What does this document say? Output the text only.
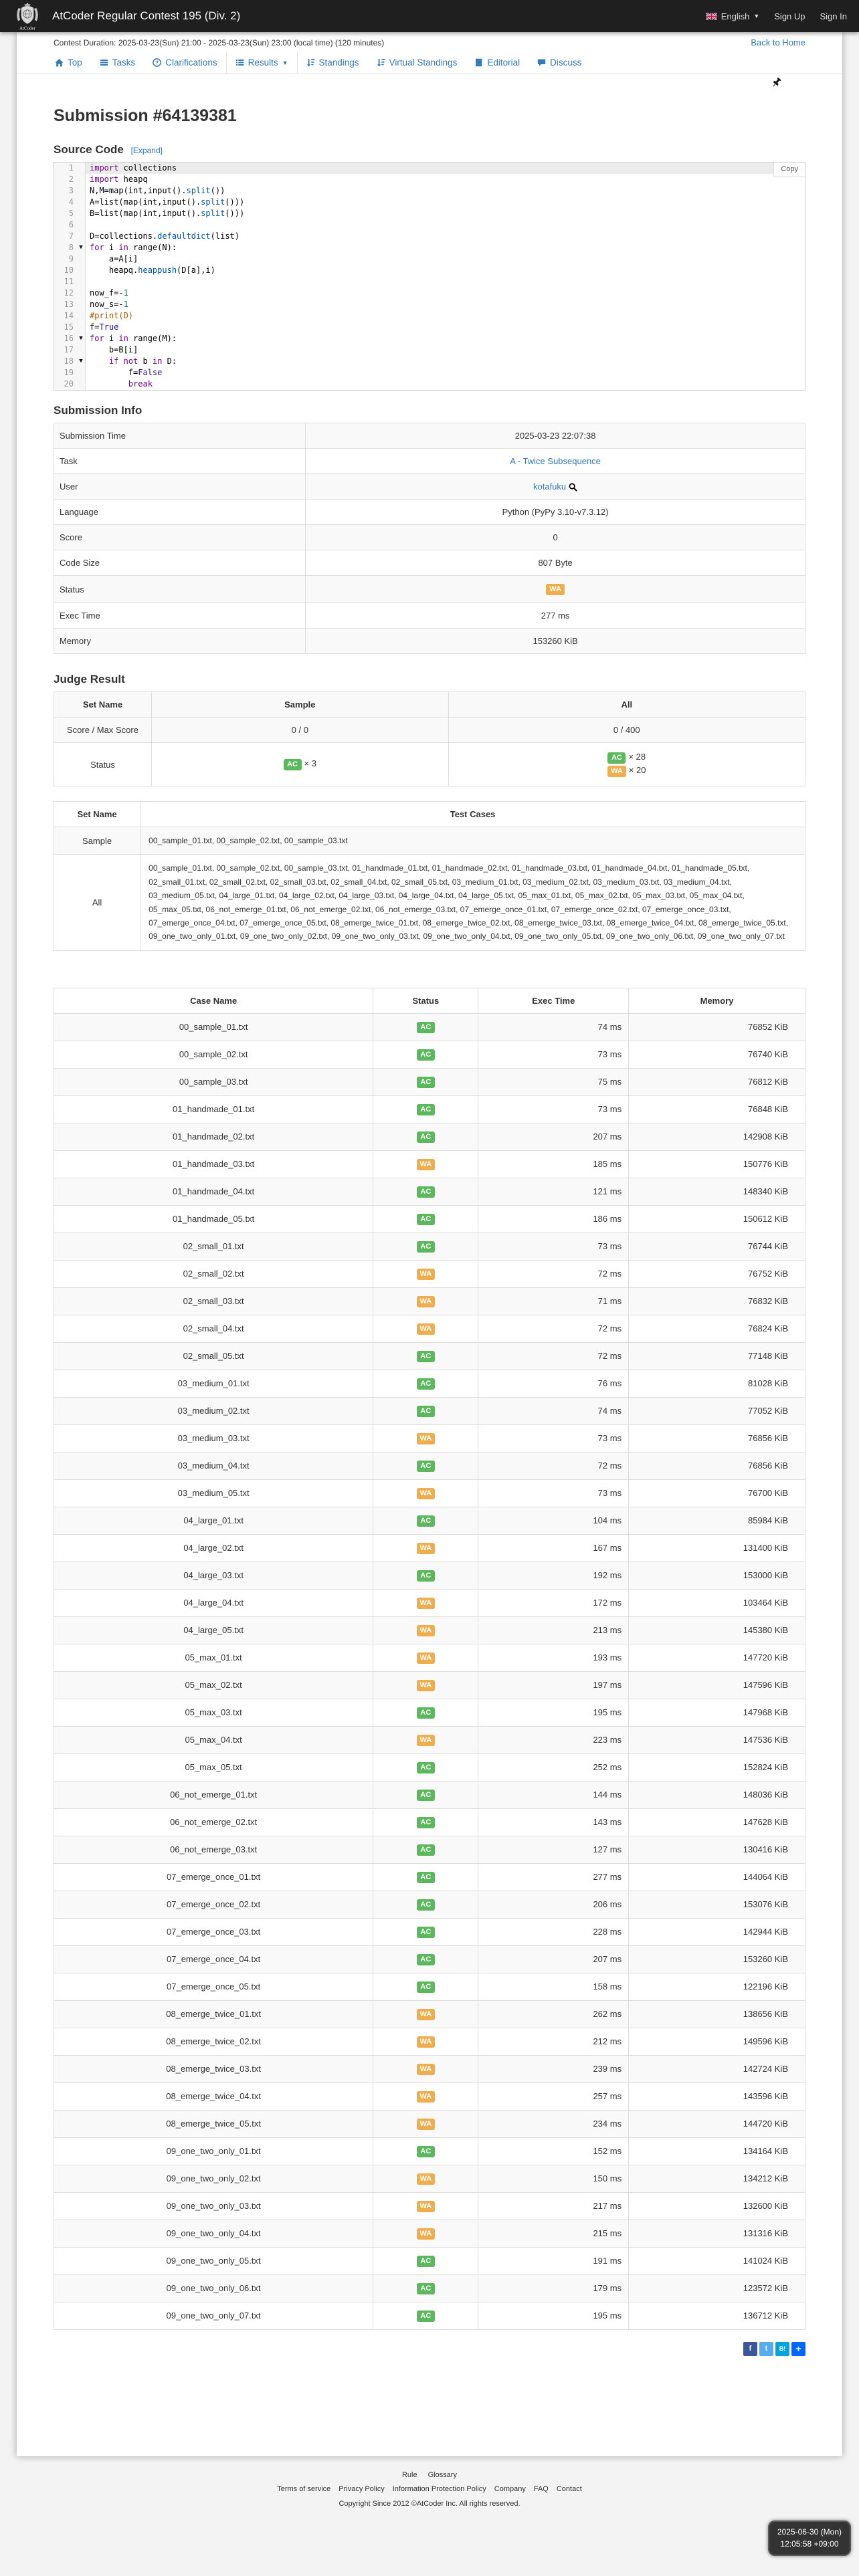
AtCoder
AtCoder Regular Contest 195 (Div. 2)	English ▼ Sign Up Sign In
Contest Duration: 2025-03-23(Sun) 21:00 - 2025-03-23(Sun) 23:00 (local time) (120 minutes)	Back to Home
Top	Tasks	? Clarifications	Results ▼	Standings	Virtual Standings	Editorial	Discuss
Submission #64139381
Source Code [Expand]
Copy
1	import collections
2	import heapq
3	N,M=map(int,input().split())
4	A=list(map(int,input().split()))
5	B=list(map(int,input().split()))
6

7	D=collections.defaultdict(list)
8 ▼ for i in range(N):
9	a=A[i]
10	heapq.heappush(D[a],i)
11

12	now_f=-1
13	now_s=-1
14	#print(D)
15	f=True
16 ▼ for i in range(M):
17	b=B[i]
18 ▼	if not b in D:
19	f=False
20	break
Submission Info
Submission Time	2025-03-23 22:07:38
Task	A - Twice Subsequence
User	kotafuku
Language	Python (PyPy 3.10-v7.3.12)
Score	0
Code Size	807 Byte
Status	WA
Exec Time	277 ms
Memory	153260 KiB
Judge Result
Set Name	Sample	All
Score / Max Score	0 / 0	0 / 400
Status	AC × 3	AC × 28
WA × 20
Set Name	Test Cases
Sample	00_sample_01.txt, 00_sample_02.txt, 00_sample_03.txt
All	00_sample_01.txt, 00_sample_02.txt, 00_sample_03.txt, 01_handmade_01.txt, 01_handmade_02.txt, 01_handmade_03.txt, 01_handmade_04.txt, 01_handmade_05.txt, 02_small_01.txt, 02_small_02.txt, 02_small_03.txt, 02_small_04.txt, 02_small_05.txt, 03_medium_01.txt, 03_medium_02.txt, 03_medium_03.txt, 03_medium_04.txt, 03_medium_05.txt, 04_large_01.txt, 04_large_02.txt, 04_large_03.txt, 04_large_04.txt, 04_large_05.txt, 05_max_01.txt, 05_max_02.txt, 05_max_03.txt, 05_max_04.txt, 05_max_05.txt, 06_not_emerge_01.txt, 06_not_emerge_02.txt, 06_not_emerge_03.txt, 07_emerge_once_01.txt, 07_emerge_once_02.txt, 07_emerge_once_03.txt, 07_emerge_once_04.txt, 07_emerge_once_05.txt, 08_emerge_twice_01.txt, 08_emerge_twice_02.txt, 08_emerge_twice_03.txt, 08_emerge_twice_04.txt, 08_emerge_twice_05.txt, 09_one_two_only_01.txt, 09_one_two_only_02.txt, 09_one_two_only_03.txt, 09_one_two_only_04.txt, 09_one_two_only_05.txt, 09_one_two_only_06.txt, 09_one_two_only_07.txt
Case Name	Status	Exec Time	Memory
00_sample_01.txt	AC	74 ms	76852 KiB
00_sample_02.txt	AC	73 ms	76740 KiB
00_sample_03.txt	AC	75 ms	76812 KiB
01_handmade_01.txt	AC	73 ms	76848 KiB
01_handmade_02.txt	AC	207 ms	142908 KiB
01_handmade_03.txt	WA	185 ms	150776 KiB
01_handmade_04.txt	AC	121 ms	148340 KiB
01_handmade_05.txt	AC	186 ms	150612 KiB
02_small_01.txt	AC	73 ms	76744 KiB
02_small_02.txt	WA	72 ms	76752 KiB
02_small_03.txt	WA	71 ms	76832 KiB
02_small_04.txt	WA	72 ms	76824 KiB
02_small_05.txt	AC	72 ms	77148 KiB
03_medium_01.txt	AC	76 ms	81028 KiB
03_medium_02.txt	AC	74 ms	77052 KiB
03_medium_03.txt	WA	73 ms	76856 KiB
03_medium_04.txt	AC	72 ms	76856 KiB
03_medium_05.txt	WA	73 ms	76700 KiB
04_large_01.txt	AC	104 ms	85984 KiB
04_large_02.txt	WA	167 ms	131400 KiB
04_large_03.txt	AC	192 ms	153000 KiB
04_large_04.txt	WA	172 ms	103464 KiB
04_large_05.txt	WA	213 ms	145380 KiB
05_max_01.txt	WA	193 ms	147720 KiB
05_max_02.txt	WA	197 ms	147596 KiB
05_max_03.txt	AC	195 ms	147968 KiB
05_max_04.txt	WA	223 ms	147536 KiB
05_max_05.txt	AC	252 ms	152824 KiB
06_not_emerge_01.txt	AC	144 ms	148036 KiB
06_not_emerge_02.txt	AC	143 ms	147628 KiB
06_not_emerge_03.txt	AC	127 ms	130416 KiB
07_emerge_once_01.txt	AC	277 ms	144064 KiB
07_emerge_once_02.txt	AC	206 ms	153076 KiB
07_emerge_once_03.txt	AC	228 ms	142944 KiB
07_emerge_once_04.txt	AC	207 ms	153260 KiB
07_emerge_once_05.txt	AC	158 ms	122196 KiB
08_emerge_twice_01.txt	WA	262 ms	138656 KiB
08_emerge_twice_02.txt	WA	212 ms	149596 KiB
08_emerge_twice_03.txt	WA	239 ms	142724 KiB
08_emerge_twice_04.txt	WA	257 ms	143596 KiB
08_emerge_twice_05.txt	WA	234 ms	144720 KiB
09_one_two_only_01.txt	AC	152 ms	134164 KiB
09_one_two_only_02.txt	WA	150 ms	134212 KiB
09_one_two_only_03.txt	WA	217 ms	132600 KiB
09_one_two_only_04.txt	WA	215 ms	131316 KiB
09_one_two_only_05.txt	AC	191 ms	141024 KiB
09_one_two_only_06.txt	AC	179 ms	123572 KiB
09_one_two_only_07.txt	AC	195 ms	136712 KiB
f	t	B!	+
Rule Glossary
Terms of service Privacy Policy Information Protection Policy Company FAQ Contact
Copyright Since 2012 ©AtCoder Inc. All rights reserved.
2025-06-30 (Mon)
12:05:58 +09:00
